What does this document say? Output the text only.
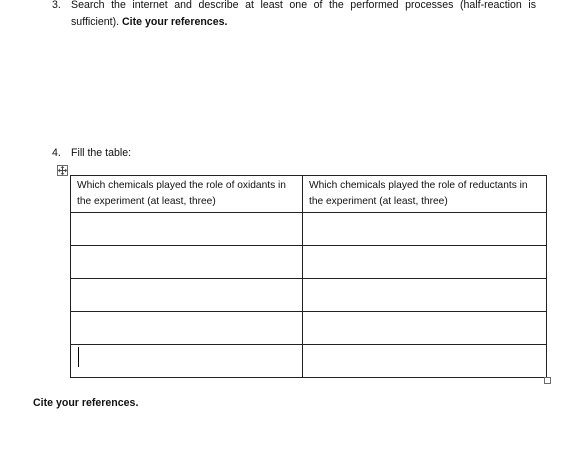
3. Search the internet and describe at least one of the performed processes (half-reaction is sufficient). Cite your references.
4. Fill the table:
Which chemicals played the role of oxidants in the experiment (at least, three)	Which chemicals played the role of reductants in the experiment (at least, three)

Cite your references.
